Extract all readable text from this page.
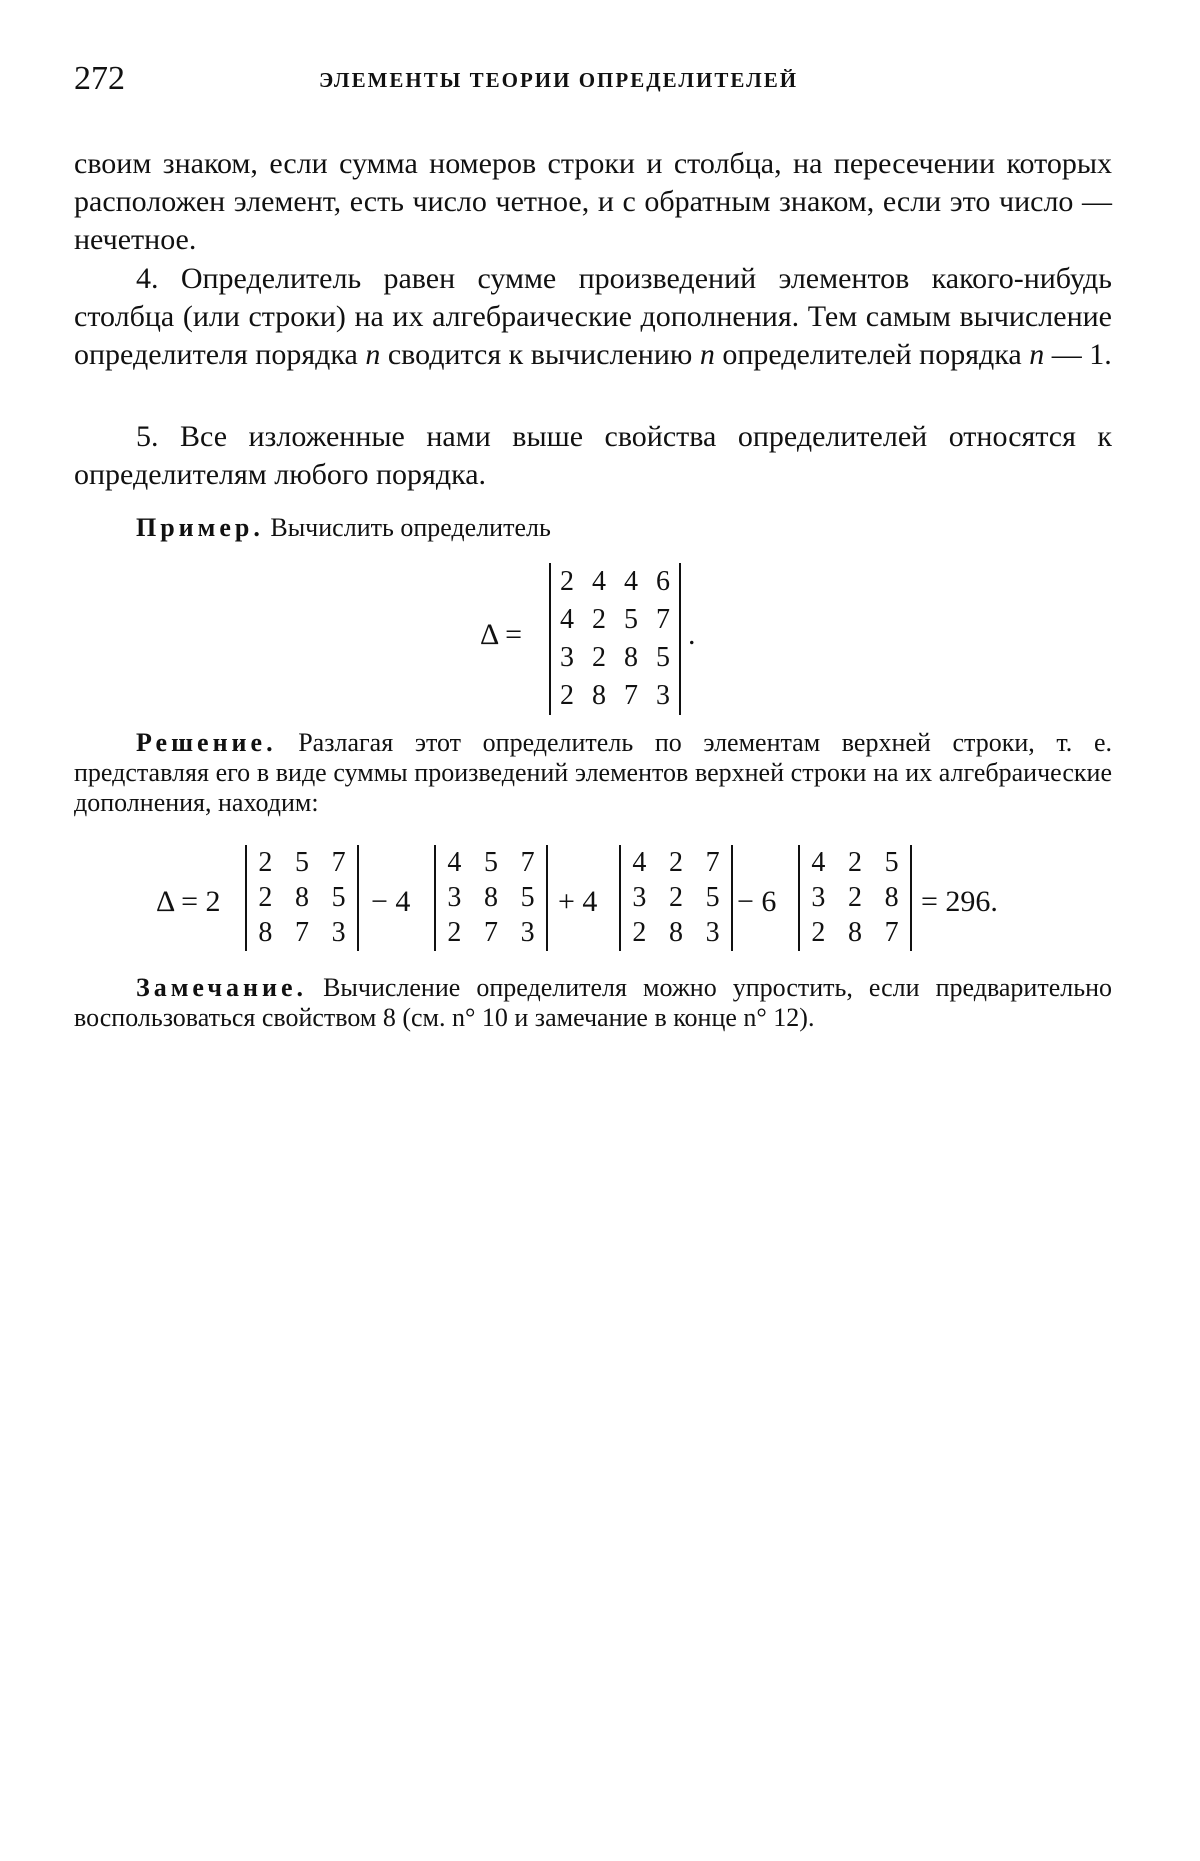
272	ЭЛЕМЕНТЫ ТЕОРИИ ОПРЕДЕЛИТЕЛЕЙ
своим знаком, если сумма номеров строки и столбца, на пересечении которых расположен элемент, есть число четное, и с обратным знаком, если это число — нечетное.
4. Определитель равен сумме произведений элементов какого-нибудь столбца (или строки) на их алгебраические дополнения. Тем самым вычисление определителя порядка n сводится к вычислению n определителей порядка n — 1.
5. Все изложенные нами выше свойства определителей относятся к определителям любого порядка.
Пример. Вычислить определитель
Δ =
2 4 4 6
4 2 5 7
3 2 8 5
2 8 7 3
.
Решение. Разлагая этот определитель по элементам верхней строки, т. е. представляя его в виде суммы произведений элементов верхней строки на их алгебраические дополнения, находим:
Δ = 2
2 5 7
2 8 5
8 7 3
− 4
4 5 7
3 8 5
2 7 3
+ 4
4 2 7
3 2 5
2 8 3
− 6
4 2 5
3 2 8
2 8 7
= 296.
Замечание. Вычисление определителя можно упростить, если предварительно воспользоваться свойством 8 (см. n° 10 и замечание в конце n° 12).
